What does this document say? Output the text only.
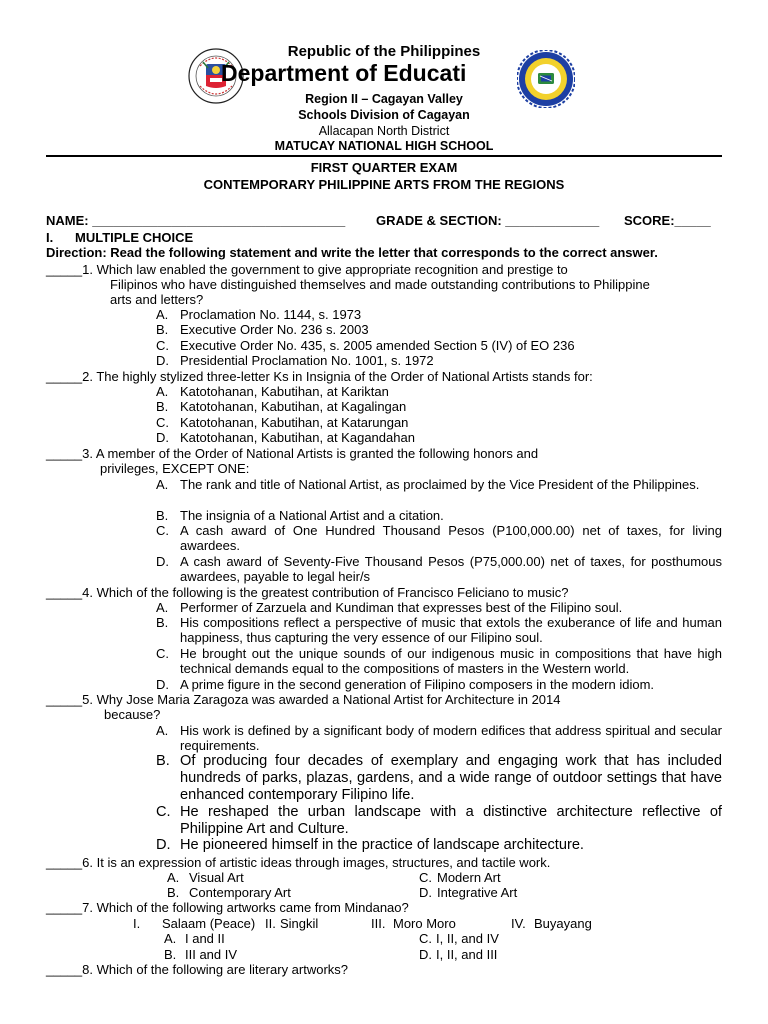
Republic of the Philippines
Department of Educati
Region II – Cagayan Valley
Schools Division of Cagayan
Allacapan North District
MATUCAY NATIONAL HIGH SCHOOL
FIRST QUARTER EXAM
CONTEMPORARY PHILIPPINE ARTS FROM THE REGIONS
NAME: ___________________________________ GRADE & SECTION: _____________ SCORE:_____
I. MULTIPLE CHOICE
Direction: Read the following statement and write the letter that corresponds to the correct answer.
_____1. Which law enabled the government to give appropriate recognition and prestige to
Filipinos who have distinguished themselves and made outstanding contributions to Philippine
arts and letters?
A. Proclamation No. 1144, s. 1973
B. Executive Order No. 236 s. 2003
C. Executive Order No. 435, s. 2005 amended Section 5 (IV) of EO 236
D. Presidential Proclamation No. 1001, s. 1972
_____2. The highly stylized three-letter Ks in Insignia of the Order of National Artists stands for:
A. Katotohanan, Kabutihan, at Kariktan
B. Katotohanan, Kabutihan, at Kagalingan
C. Katotohanan, Kabutihan, at Katarungan
D. Katotohanan, Kabutihan, at Kagandahan
_____3. A member of the Order of National Artists is granted the following honors and
privileges, EXCEPT ONE:
A. The rank and title of National Artist, as proclaimed by the Vice President of the Philippines.
B. The insignia of a National Artist and a citation.
C. A cash award of One Hundred Thousand Pesos (P100,000.00) net of taxes, for living awardees.
D. A cash award of Seventy-Five Thousand Pesos (P75,000.00) net of taxes, for posthumous awardees, payable to legal heir/s
_____4. Which of the following is the greatest contribution of Francisco Feliciano to music?
A. Performer of Zarzuela and Kundiman that expresses best of the Filipino soul.
B. His compositions reflect a perspective of music that extols the exuberance of life and human happiness, thus capturing the very essence of our Filipino soul.
C. He brought out the unique sounds of our indigenous music in compositions that have high technical demands equal to the compositions of masters in the Western world.
D. A prime figure in the second generation of Filipino composers in the modern idiom.
_____5. Why Jose Maria Zaragoza was awarded a National Artist for Architecture in 2014
because?
A. His work is defined by a significant body of modern edifices that address spiritual and secular requirements.
B. Of producing four decades of exemplary and engaging work that has included hundreds of parks, plazas, gardens, and a wide range of outdoor settings that have enhanced contemporary Filipino life.
C. He reshaped the urban landscape with a distinctive architecture reflective of Philippine Art and Culture.
D. He pioneered himself in the practice of landscape architecture.
_____6. It is an expression of artistic ideas through images, structures, and tactile work.
A. Visual Art
B. Contemporary Art
C. Modern Art
D. Integrative Art
_____7. Which of the following artworks came from Mindanao?
I. Salaam (Peace) II. Singkil	III. Moro Moro	IV. Buyayang
A. I and II
B. III and IV
C. I, II, and IV
D. I, II, and III
_____8. Which of the following are literary artworks?
